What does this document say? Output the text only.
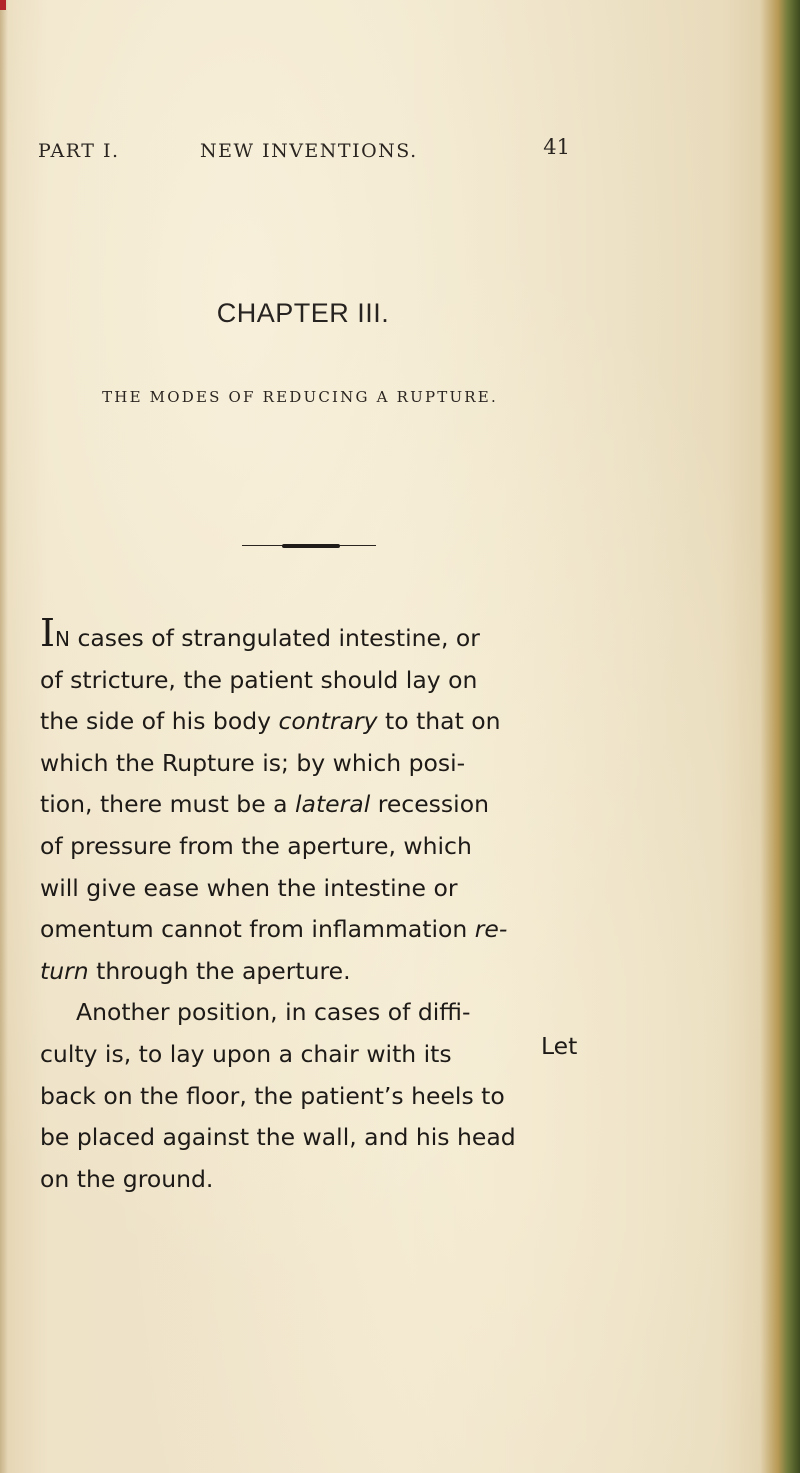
PART I.	NEW INVENTIONS.	41
CHAPTER III.
THE MODES OF REDUCING A RUPTURE.
IN cases of strangulated intestine, or
of stricture, the patient should lay on
the side of his body contrary to that on
which the Rupture is; by which posi-
tion, there must be a lateral recession
of pressure from the aperture, which
will give ease when the intestine or
omentum cannot from inflammation re-
turn through the aperture.
Another position, in cases of diffi-
culty is, to lay upon a chair with its
back on the floor, the patient’s heels to
be placed against the wall, and his head
on the ground.
Let
